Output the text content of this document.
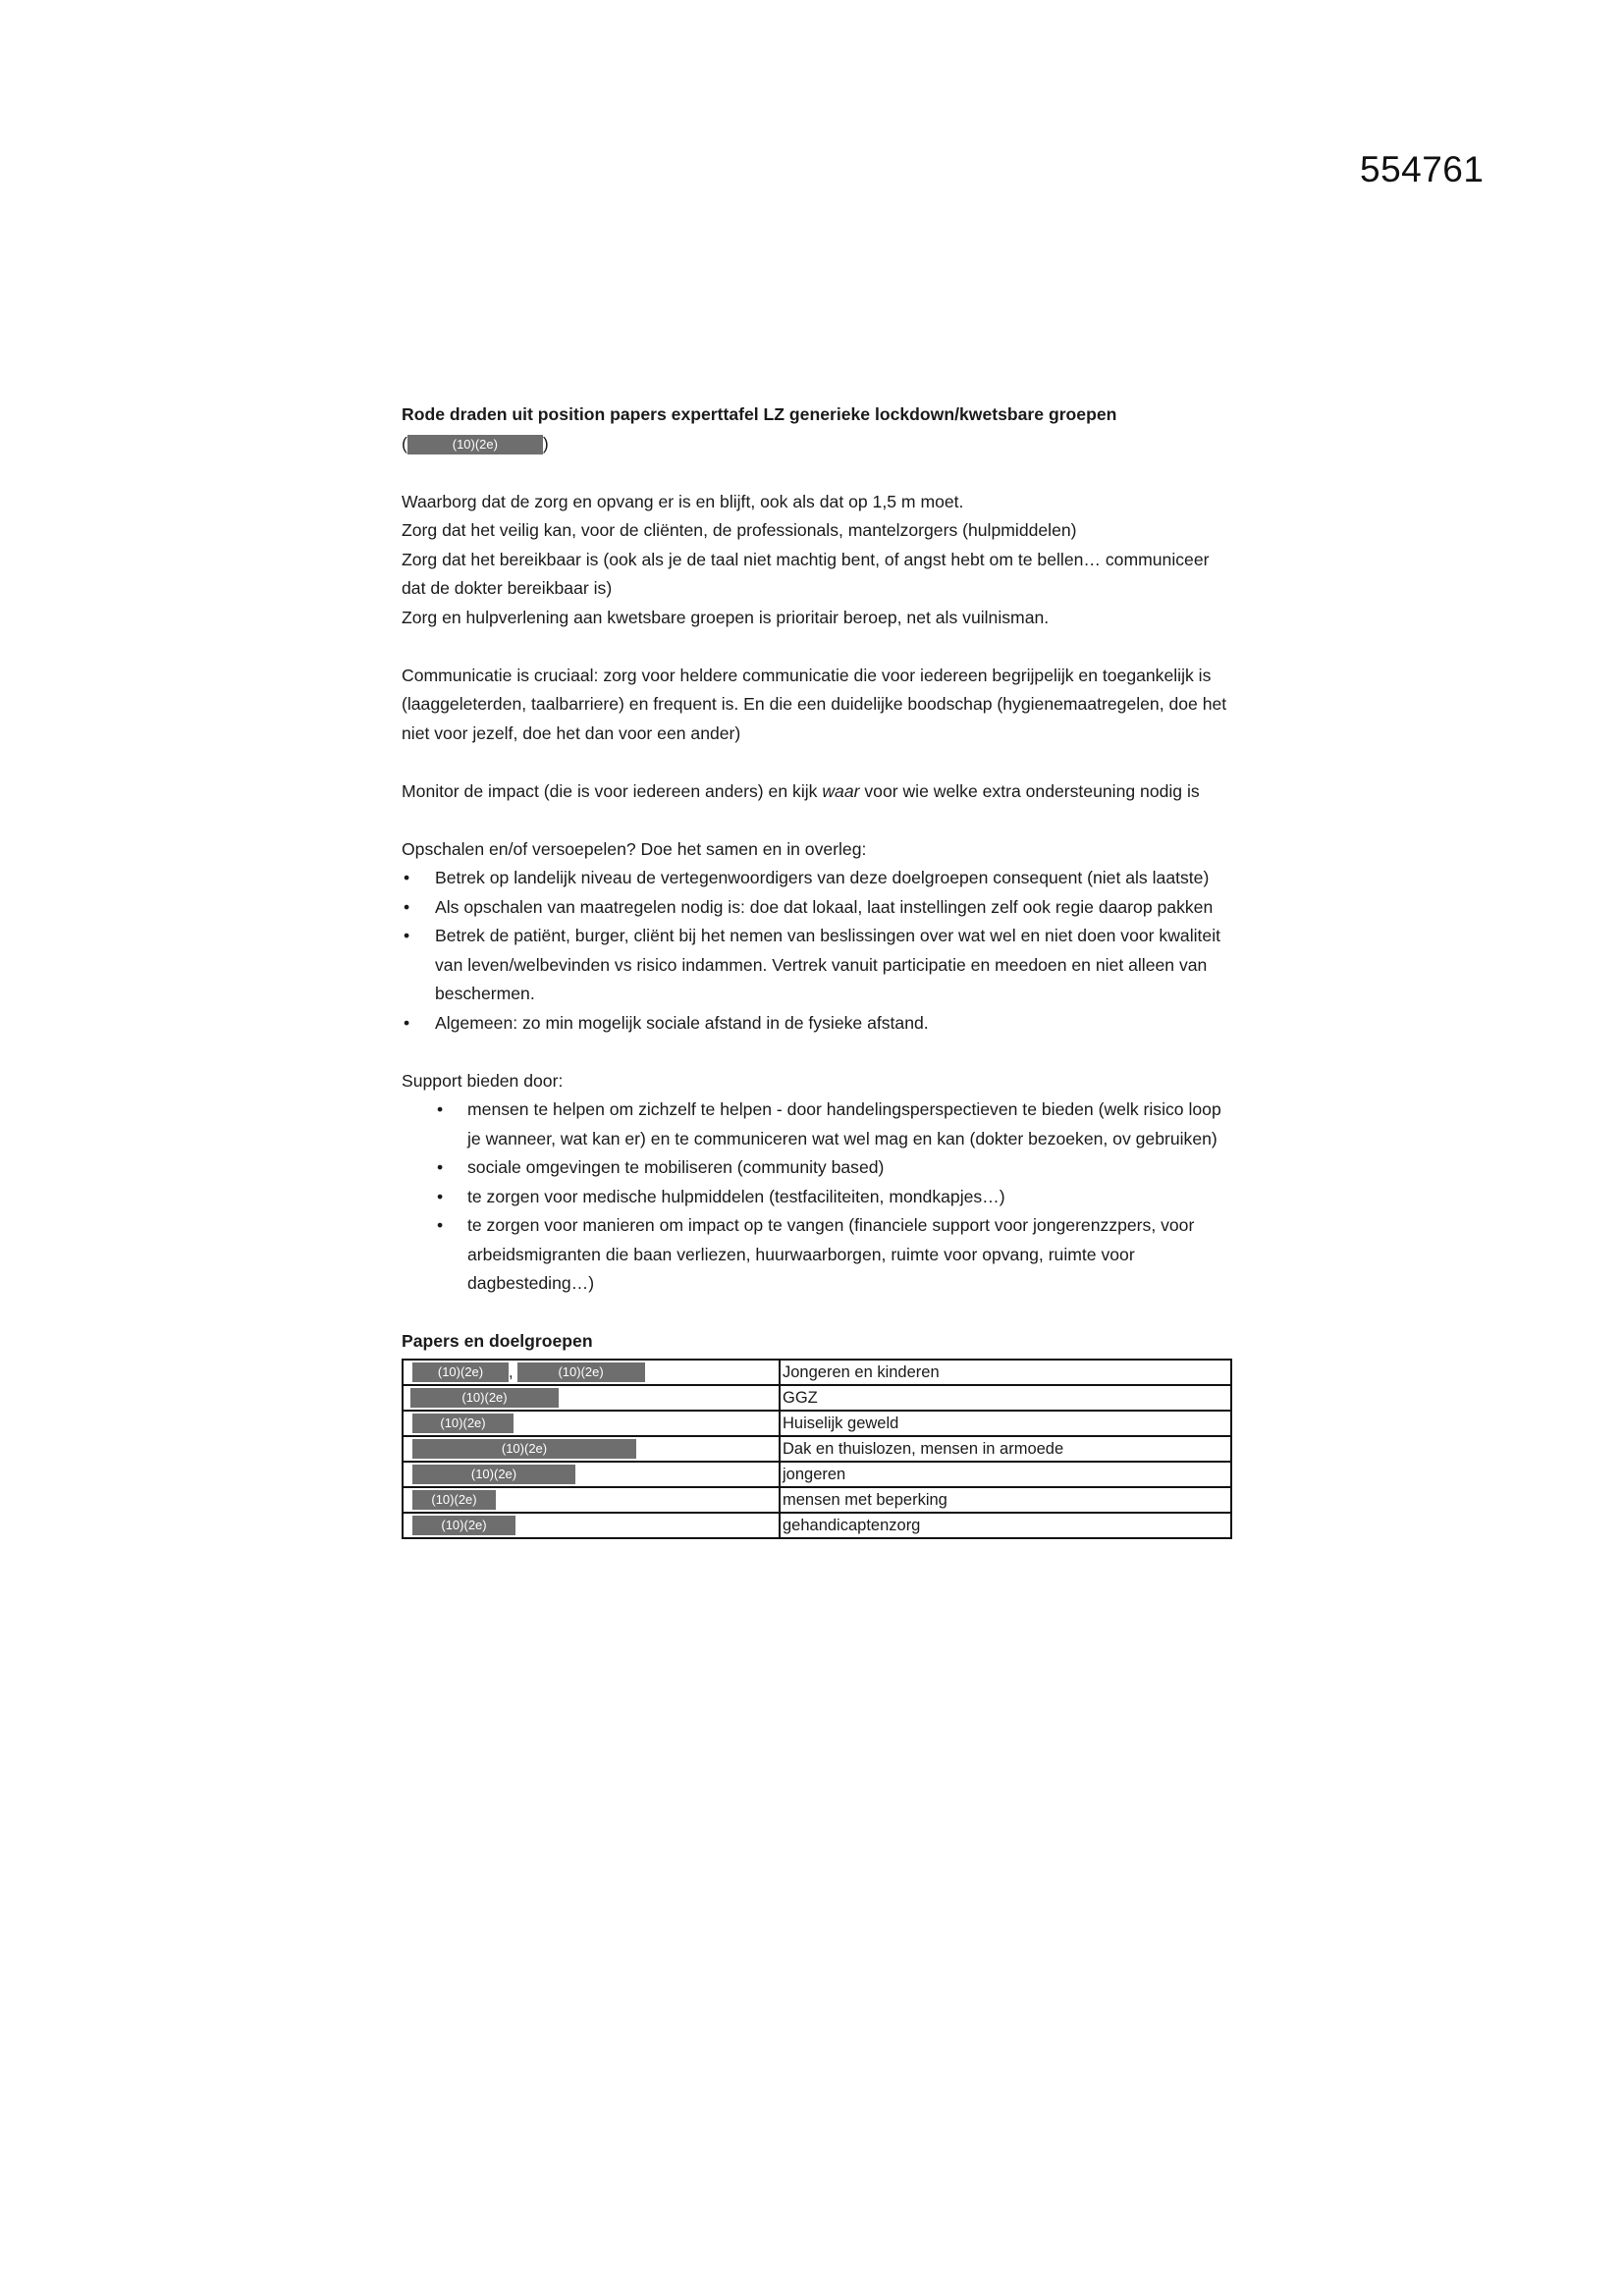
554761

Rode draden uit position papers experttafel LZ generieke lockdown/kwetsbare groepen

(	(10)(2e)	)

Waarborg dat de zorg en opvang er is en blijft, ook als dat op 1,5 m moet.

Zorg dat het veilig kan, voor de cliënten, de professionals, mantelzorgers (hulpmiddelen)

Zorg dat het bereikbaar is (ook als je de taal niet machtig bent, of angst hebt om te bellen… communiceer dat de dokter bereikbaar is)

Zorg en hulpverlening aan kwetsbare groepen is prioritair beroep, net als vuilnisman.

Communicatie is cruciaal: zorg voor heldere communicatie die voor iedereen begrijpelijk en toegankelijk is (laaggeleterden, taalbarriere) en frequent is. En die een duidelijke boodschap (hygienemaatregelen, doe het niet voor jezelf, doe het dan voor een ander)

Monitor de impact (die is voor iedereen anders) en kijk waar voor wie welke extra ondersteuning nodig is

Opschalen en/of versoepelen? Doe het samen en in overleg:

• Betrek op landelijk niveau de vertegenwoordigers van deze doelgroepen consequent (niet als laatste)
• Als opschalen van maatregelen nodig is: doe dat lokaal, laat instellingen zelf ook regie daarop pakken
• Betrek de patiënt, burger, cliënt bij het nemen van beslissingen over wat wel en niet doen voor kwaliteit van leven/welbevinden vs risico indammen. Vertrek vanuit participatie en meedoen en niet alleen van beschermen.
• Algemeen: zo min mogelijk sociale afstand in de fysieke afstand.

Support bieden door:

• mensen te helpen om zichzelf te helpen - door handelingsperspectieven te bieden (welk risico loop je wanneer, wat kan er) en te communiceren wat wel mag en kan (dokter bezoeken, ov gebruiken)
• sociale omgevingen te mobiliseren (community based)
• te zorgen voor medische hulpmiddelen (testfaciliteiten, mondkapjes…)
• te zorgen voor manieren om impact op te vangen (financiele support voor jongerenzzpers, voor arbeidsmigranten die baan verliezen, huurwaarborgen, ruimte voor opvang, ruimte voor dagbesteding…)

Papers en doelgroepen

(10)(2e) , (10)(2e)	Jongeren en kinderen
(10)(2e)	GGZ
(10)(2e)	Huiselijk geweld
(10)(2e)	Dak en thuislozen, mensen in armoede
(10)(2e)	jongeren
(10)(2e)	mensen met beperking
(10)(2e)	gehandicaptenzorg
